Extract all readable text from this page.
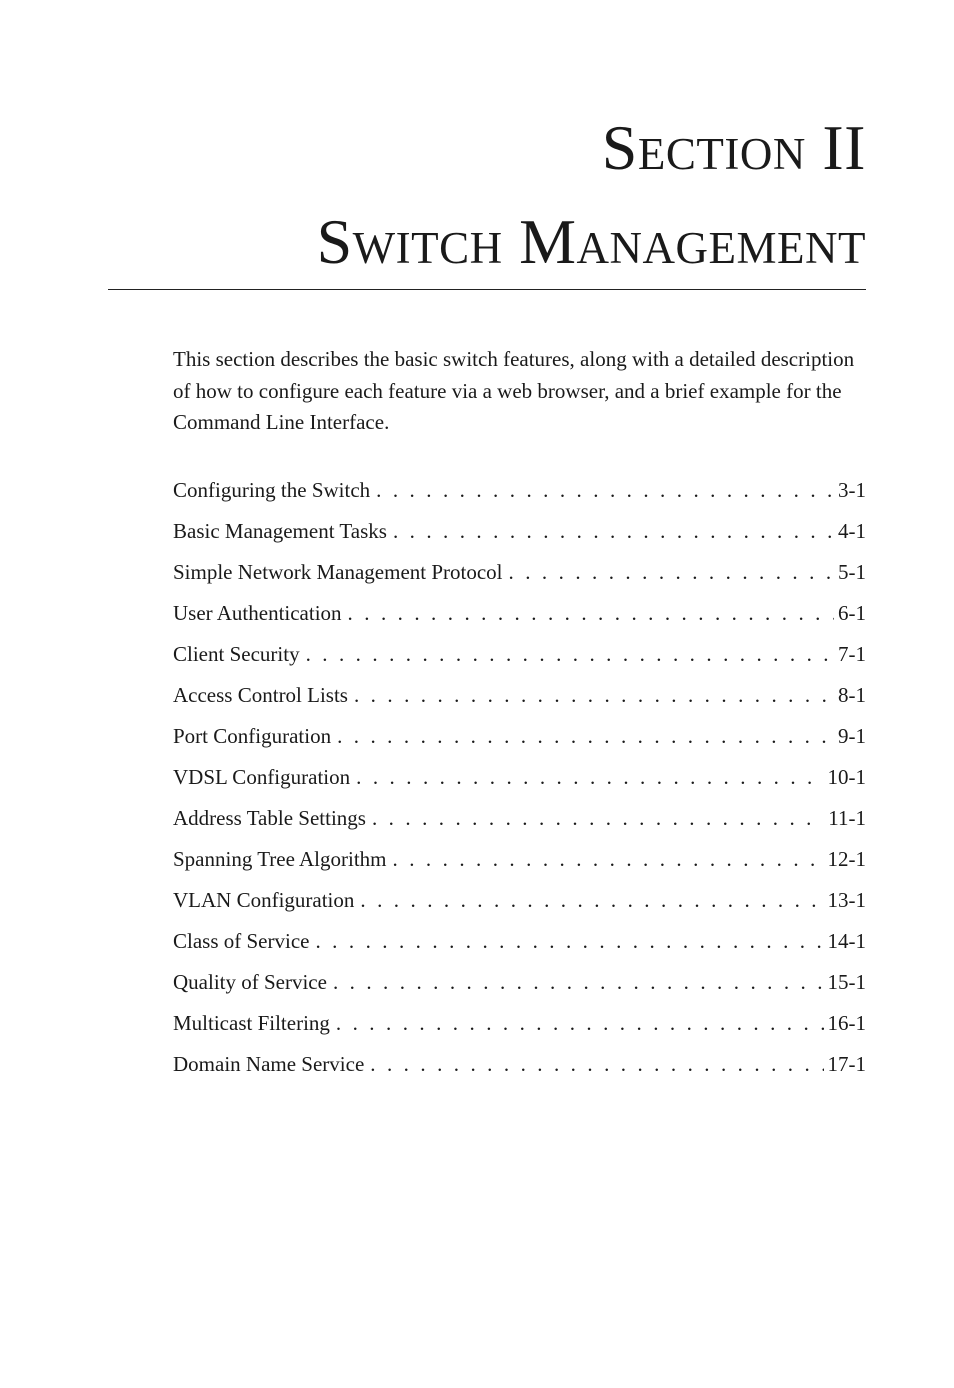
Section II
Switch Management

This section describes the basic switch features, along with a detailed description of how to configure each feature via a web browser, and a brief example for the Command Line Interface.

Configuring the Switch . . .	3-1
Basic Management Tasks . . .	4-1
Simple Network Management Protocol . . .	5-1
User Authentication . . .	6-1
Client Security . . .	7-1
Access Control Lists . . .	8-1
Port Configuration . . .	9-1
VDSL Configuration . . .	10-1
Address Table Settings . . .	11-1
Spanning Tree Algorithm . . .	12-1
VLAN Configuration . . .	13-1
Class of Service . . .	14-1
Quality of Service . . .	15-1
Multicast Filtering . . .	16-1
Domain Name Service . . .	17-1
